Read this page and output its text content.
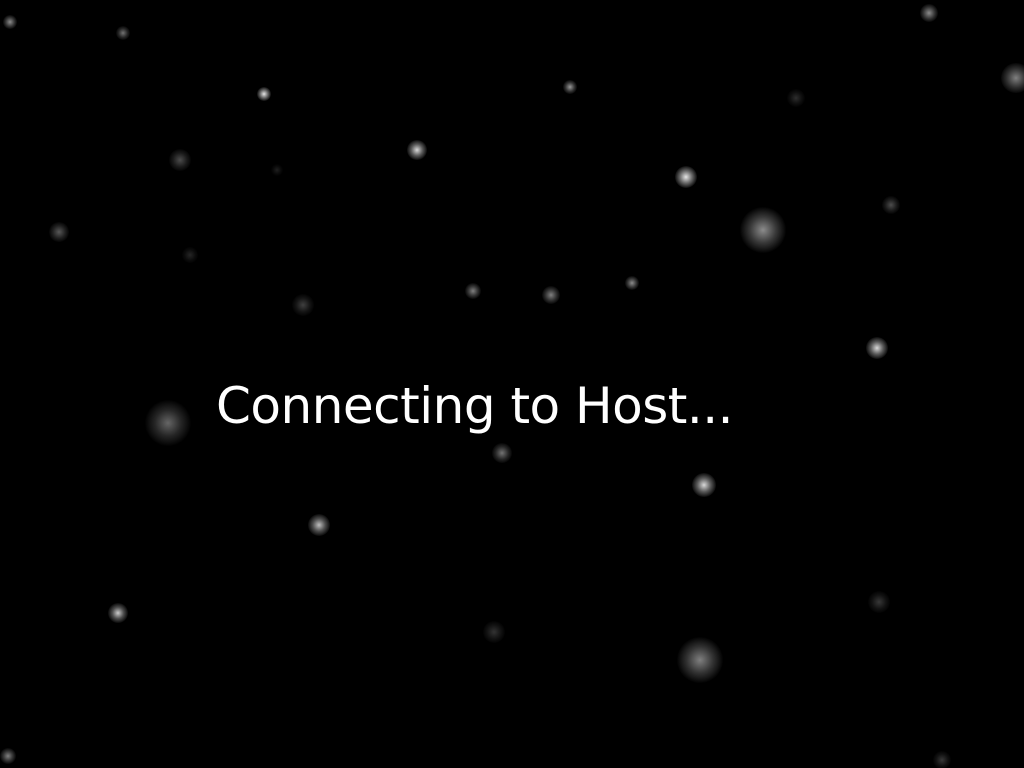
Connecting to Host...
